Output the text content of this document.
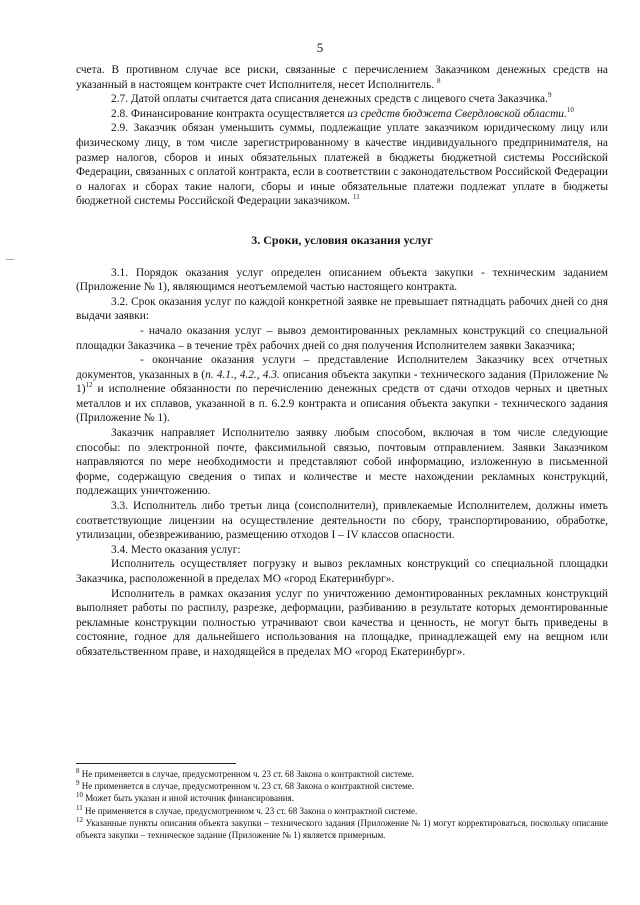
5

счета. В противном случае все риски, связанные с перечислением Заказчиком денежных средств на указанный в настоящем контракте счет Исполнителя, несет Исполнитель. $^8$

2.7. Датой оплаты считается дата списания денежных средств с лицевого счета Заказчика.$^9$

2.8. Финансирование контракта осуществляется из средств бюджета Свердловской области.$^{10}$

2.9. Заказчик обязан уменьшить суммы, подлежащие уплате заказчиком юридическому лицу или физическому лицу, в том числе зарегистрированному в качестве индивидуального предпринимателя, на размер налогов, сборов и иных обязательных платежей в бюджеты бюджетной системы Российской Федерации, связанных с оплатой контракта, если в соответствии с законодательством Российской Федерации о налогах и сборах такие налоги, сборы и иные обязательные платежи подлежат уплате в бюджеты бюджетной системы Российской Федерации заказчиком. $^{11}$

3. Сроки, условия оказания услуг

3.1. Порядок оказания услуг определен описанием объекта закупки - техническим заданием (Приложение № 1), являющимся неотъемлемой частью настоящего контракта.

3.2. Срок оказания услуг по каждой конкретной заявке не превышает пятнадцать рабочих дней со дня выдачи заявки:

- начало оказания услуг – вывоз демонтированных рекламных конструкций со специальной площадки Заказчика – в течение трёх рабочих дней со дня получения Исполнителем заявки Заказчика;

- окончание оказания услуги – представление Исполнителем Заказчику всех отчетных документов, указанных в (п. 4.1., 4.2., 4.3. описания объекта закупки - технического задания (Приложение № 1)$^{12}$ и исполнение обязанности по перечислению денежных средств от сдачи отходов черных и цветных металлов и их сплавов, указанной в п. 6.2.9 контракта и описания объекта закупки - технического задания (Приложение № 1).

Заказчик направляет Исполнителю заявку любым способом, включая в том числе следующие способы: по электронной почте, факсимильной связью, почтовым отправлением. Заявки Заказчиком направляются по мере необходимости и представляют собой информацию, изложенную в письменной форме, содержащую сведения о типах и количестве и месте нахождении рекламных конструкций, подлежащих уничтожению.

3.3. Исполнитель либо третьи лица (соисполнители), привлекаемые Исполнителем, должны иметь соответствующие лицензии на осуществление деятельности по сбору, транспортированию, обработке, утилизации, обезвреживанию, размещению отходов I – IV классов опасности.

3.4. Место оказания услуг:

Исполнитель осуществляет погрузку и вывоз рекламных конструкций со специальной площадки Заказчика, расположенной в пределах МО «город Екатеринбург».

Исполнитель в рамках оказания услуг по уничтожению демонтированных рекламных конструкций выполняет работы по распилу, разрезке, деформации, разбиванию в результате которых демонтированные рекламные конструкции полностью утрачивают свои качества и ценность, не могут быть приведены в состояние, годное для дальнейшего использования на площадке, принадлежащей ему на вещном или обязательственном праве, и находящейся в пределах МО «город Екатеринбург».

$^8$ Не применяется в случае, предусмотренном ч. 23 ст. 68 Закона о контрактной системе.

$^9$ Не применяется в случае, предусмотренном ч. 23 ст. 68 Закона о контрактной системе.

$^{10}$ Может быть указан и иной источник финансирования.

$^{11}$ Не применяется в случае, предусмотренном ч. 23 ст. 68 Закона о контрактной системе.

$^{12}$ Указанные пункты описания объекта закупки – технического задания (Приложение № 1) могут корректироваться, поскольку описание объекта закупки – техническое задание (Приложение № 1) является примерным.
